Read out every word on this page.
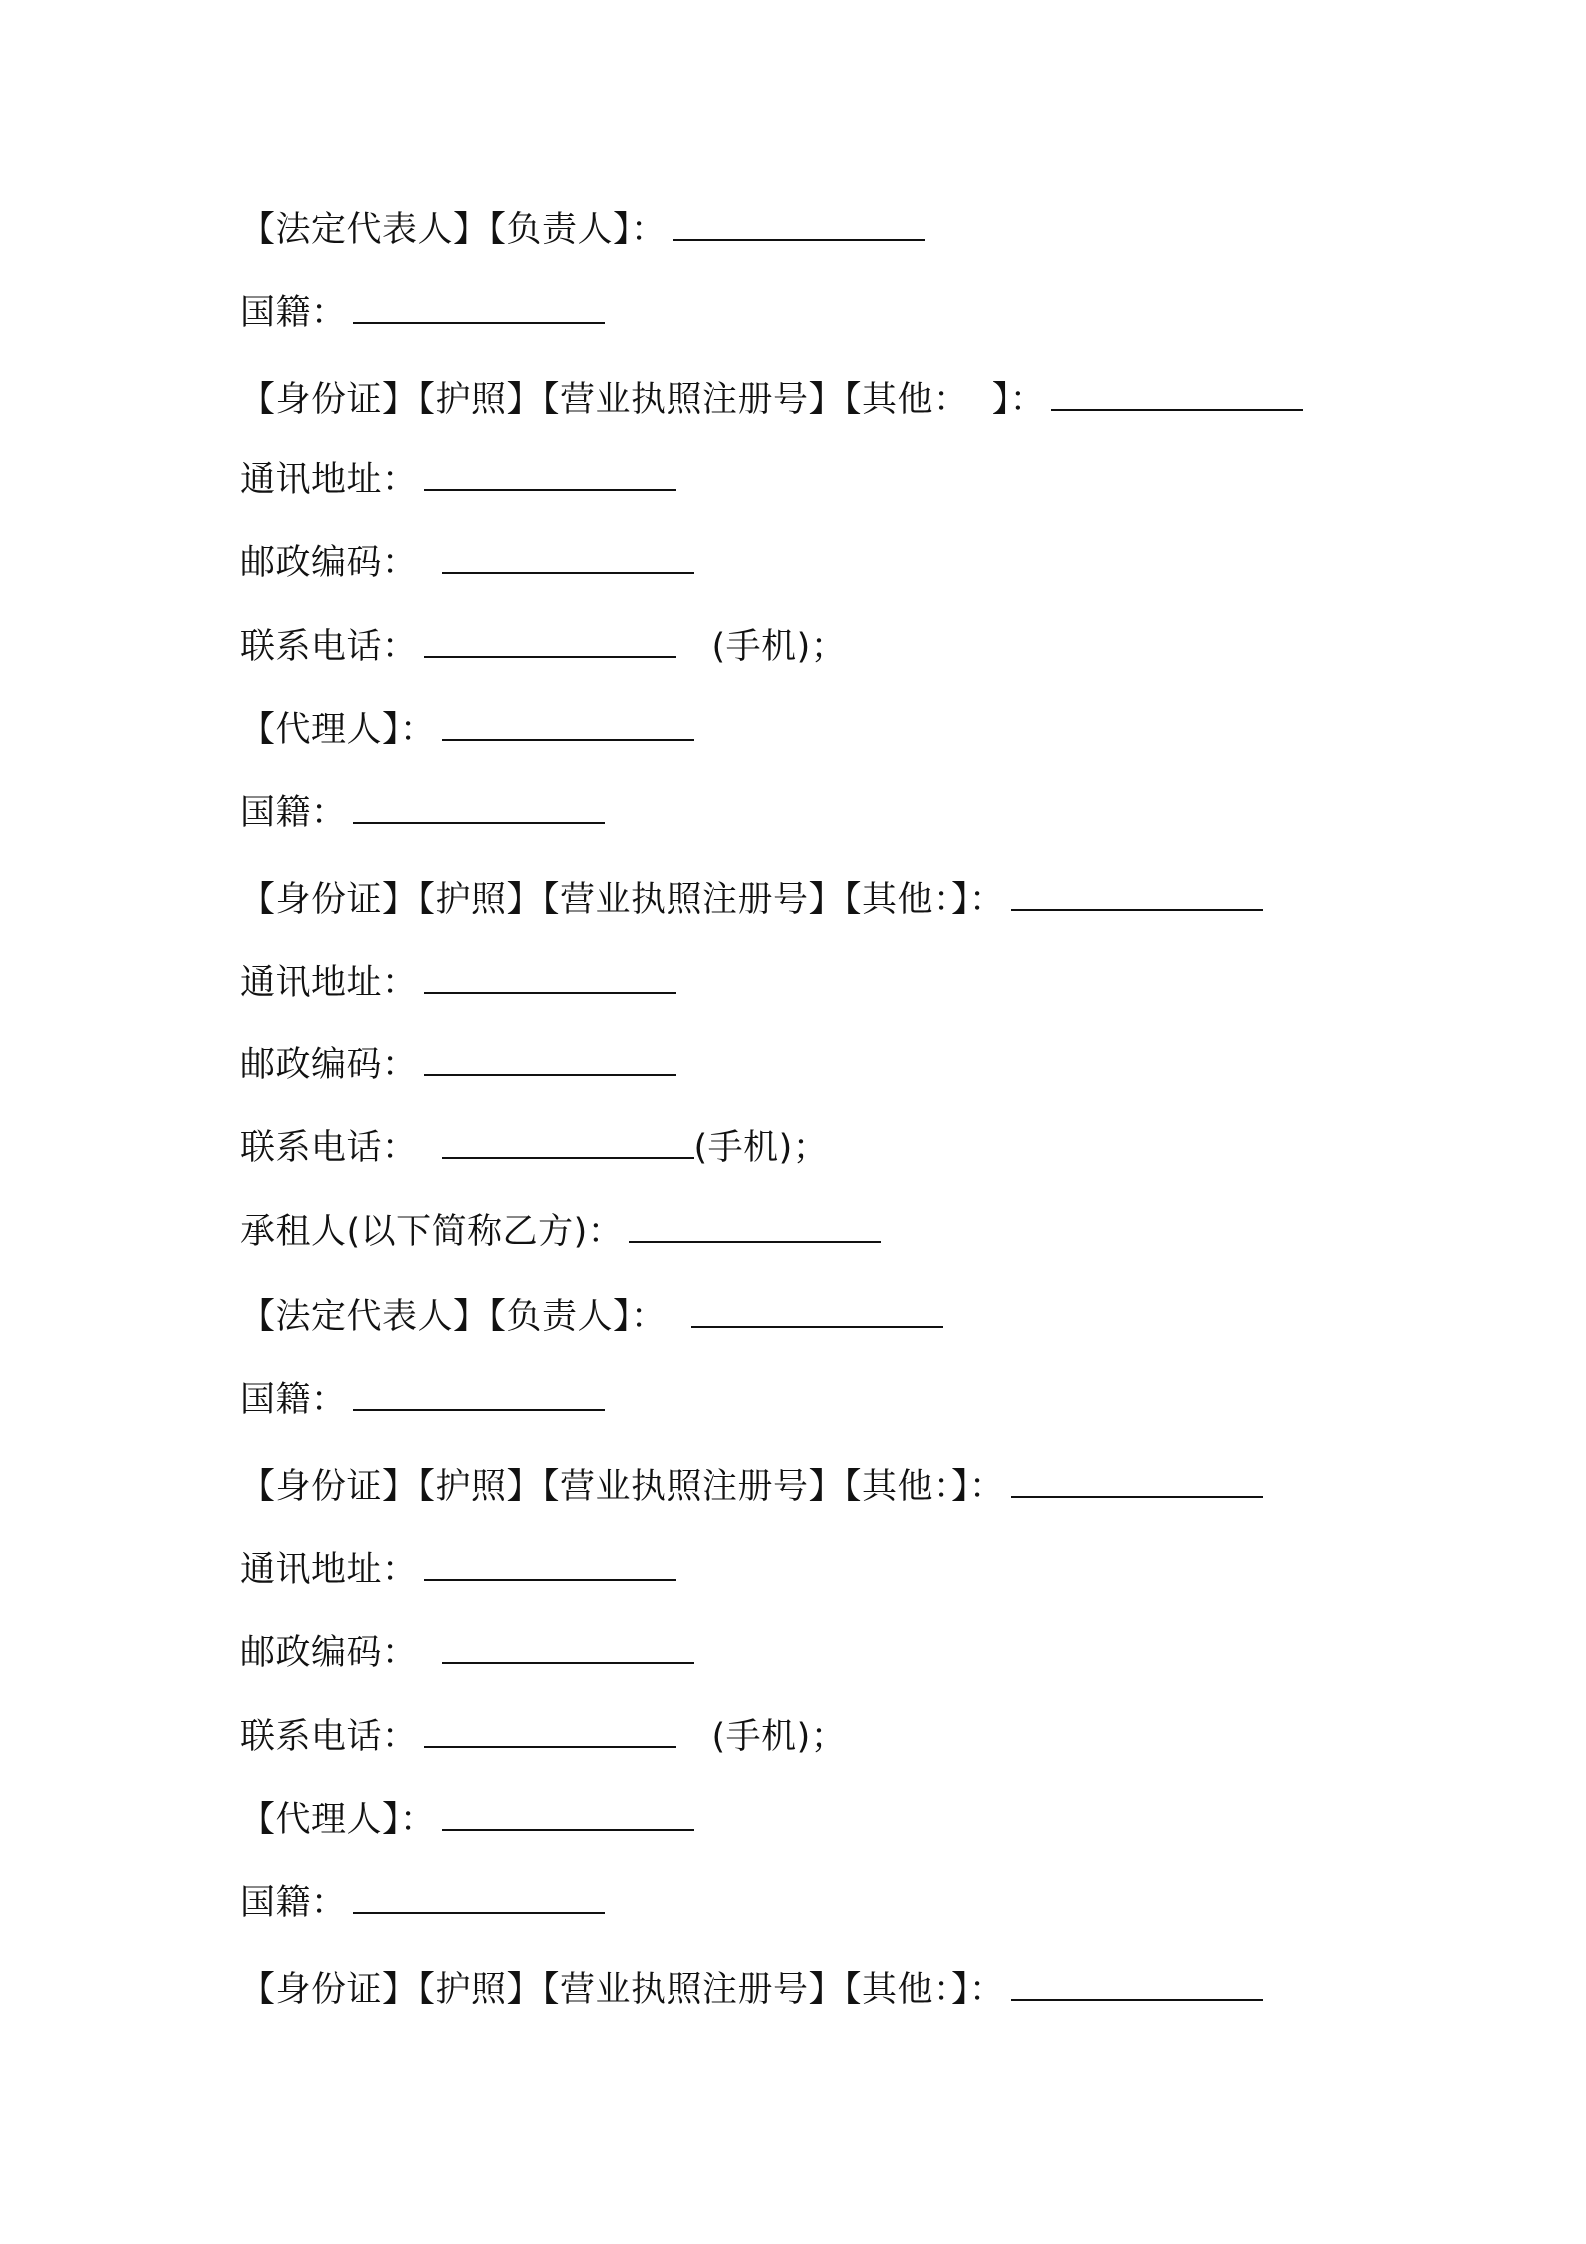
【法定代表人】【负责人】：
国籍：
【身份证】【护照】【营业执照注册号】【其他：  】：
通讯地址：
邮政编码：
联系电话：	(手机)；
【代理人】：
国籍：
【身份证】【护照】【营业执照注册号】【其他：】：
通讯地址：
邮政编码：
联系电话：	(手机)；
承租人(以下简称乙方)：
【法定代表人】【负责人】：
国籍：
【身份证】【护照】【营业执照注册号】【其他：】：
通讯地址：
邮政编码：
联系电话：	(手机)；
【代理人】：
国籍：
【身份证】【护照】【营业执照注册号】【其他：】：
